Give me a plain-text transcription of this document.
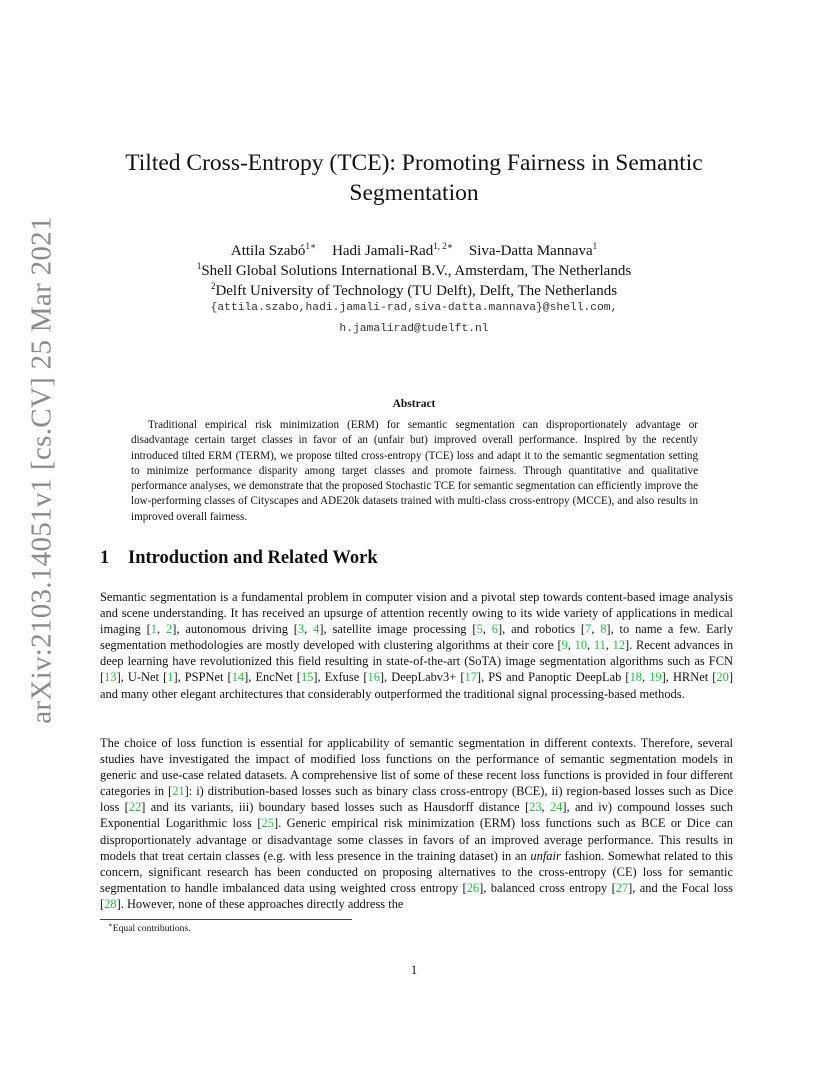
arXiv:2103.14051v1 [cs.CV] 25 Mar 2021
Tilted Cross-Entropy (TCE): Promoting Fairness in Semantic
Segmentation
Attila Szabó$^{1∗}$ Hadi Jamali-Rad$^{1, 2∗}$ Siva-Datta Mannava$^1$
$^1$Shell Global Solutions International B.V., Amsterdam, The Netherlands
$^2$Delft University of Technology (TU Delft), Delft, The Netherlands
{attila.szabo,hadi.jamali-rad,siva-datta.mannava}@shell.com,
h.jamalirad@tudelft.nl
Abstract
Traditional empirical risk minimization (ERM) for semantic segmentation can disproportionately advantage or disadvantage certain target classes in favor of an (unfair but) improved overall performance. Inspired by the recently introduced tilted ERM (TERM), we propose tilted cross-entropy (TCE) loss and adapt it to the semantic segmentation setting to minimize performance disparity among target classes and promote fairness. Through quantitative and qualitative performance analyses, we demonstrate that the proposed Stochastic TCE for semantic segmentation can efficiently improve the low-performing classes of Cityscapes and ADE20k datasets trained with multi-class cross-entropy (MCCE), and also results in improved overall fairness.
1 Introduction and Related Work

Semantic segmentation is a fundamental problem in computer vision and a pivotal step towards content-based image analysis and scene understanding. It has received an upsurge of attention recently owing to its wide variety of applications in medical imaging [1, 2], autonomous driving [3, 4], satellite image processing [5, 6], and robotics [7, 8], to name a few. Early segmentation methodologies are mostly developed with clustering algorithms at their core [9, 10, 11, 12]. Recent advances in deep learning have revolutionized this field resulting in state-of-the-art (SoTA) image segmentation algorithms such as FCN [13], U-Net [1], PSPNet [14], EncNet [15], Exfuse [16], DeepLabv3+ [17], PS and Panoptic DeepLab [18, 19], HRNet [20] and many other elegant architectures that considerably outperformed the traditional signal processing-based methods.

The choice of loss function is essential for applicability of semantic segmentation in different contexts. Therefore, several studies have investigated the impact of modified loss functions on the performance of semantic segmentation models in generic and use-case related datasets. A comprehensive list of some of these recent loss functions is provided in four different categories in [21]: i) distribution-based losses such as binary class cross-entropy (BCE), ii) region-based losses such as Dice loss [22] and its variants, iii) boundary based losses such as Hausdorff distance [23, 24], and iv) compound losses such Exponential Logarithmic loss [25]. Generic empirical risk minimization (ERM) loss functions such as BCE or Dice can disproportionately advantage or disadvantage some classes in favors of an improved average performance. This results in models that treat certain classes (e.g. with less presence in the training dataset) in an unfair fashion. Somewhat related to this concern, significant research has been conducted on proposing alternatives to the cross-entropy (CE) loss for semantic segmentation to handle imbalanced data using weighted cross entropy [26], balanced cross entropy [27], and the Focal loss [28]. However, none of these approaches directly address the

∗Equal contributions.
1
